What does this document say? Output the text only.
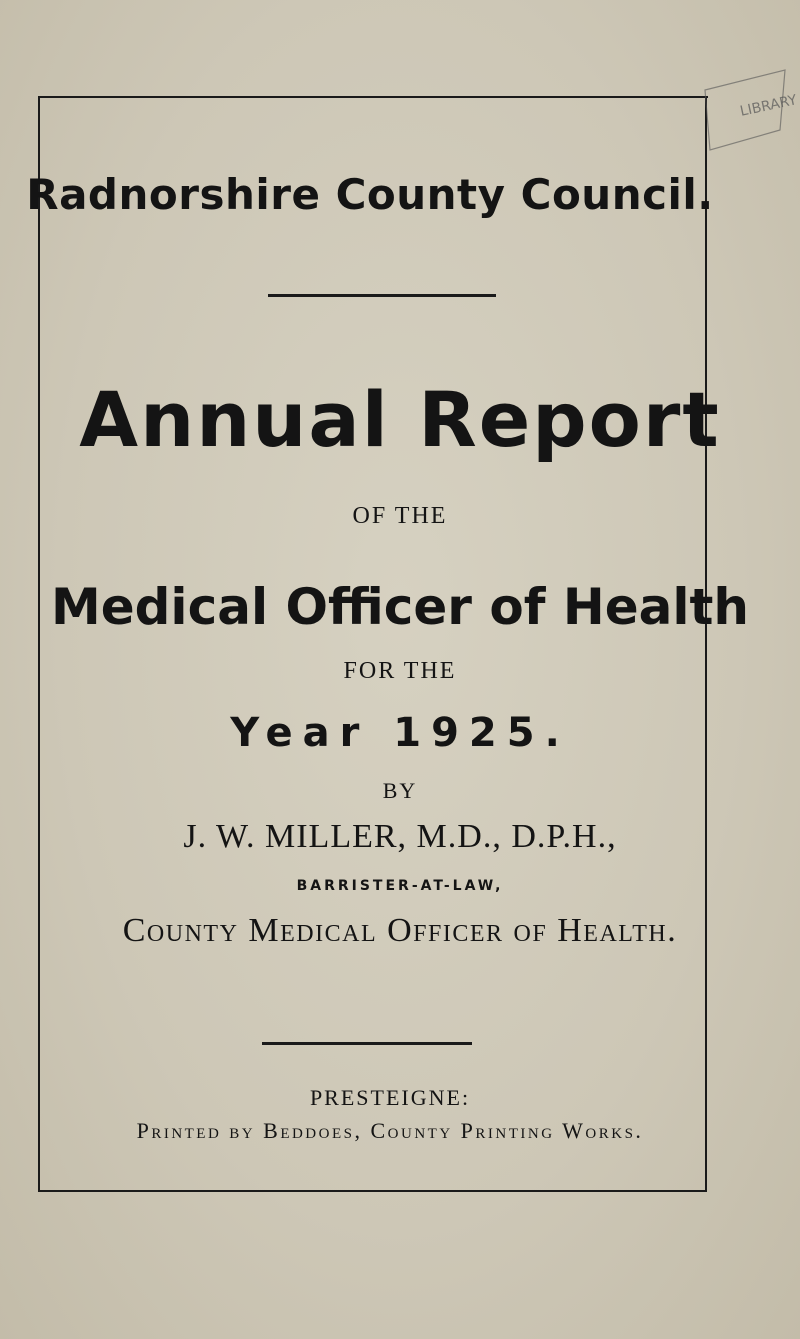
LIBRARY
Radnorshire County Council.
Annual Report
OF THE
Medical Officer of Health
FOR THE
Year 1925.
BY
J. W. MILLER, M.D., D.P.H.,
BARRISTER-AT-LAW,
County Medical Officer of Health.
PRESTEIGNE:
Printed by Beddoes, County Printing Works.
